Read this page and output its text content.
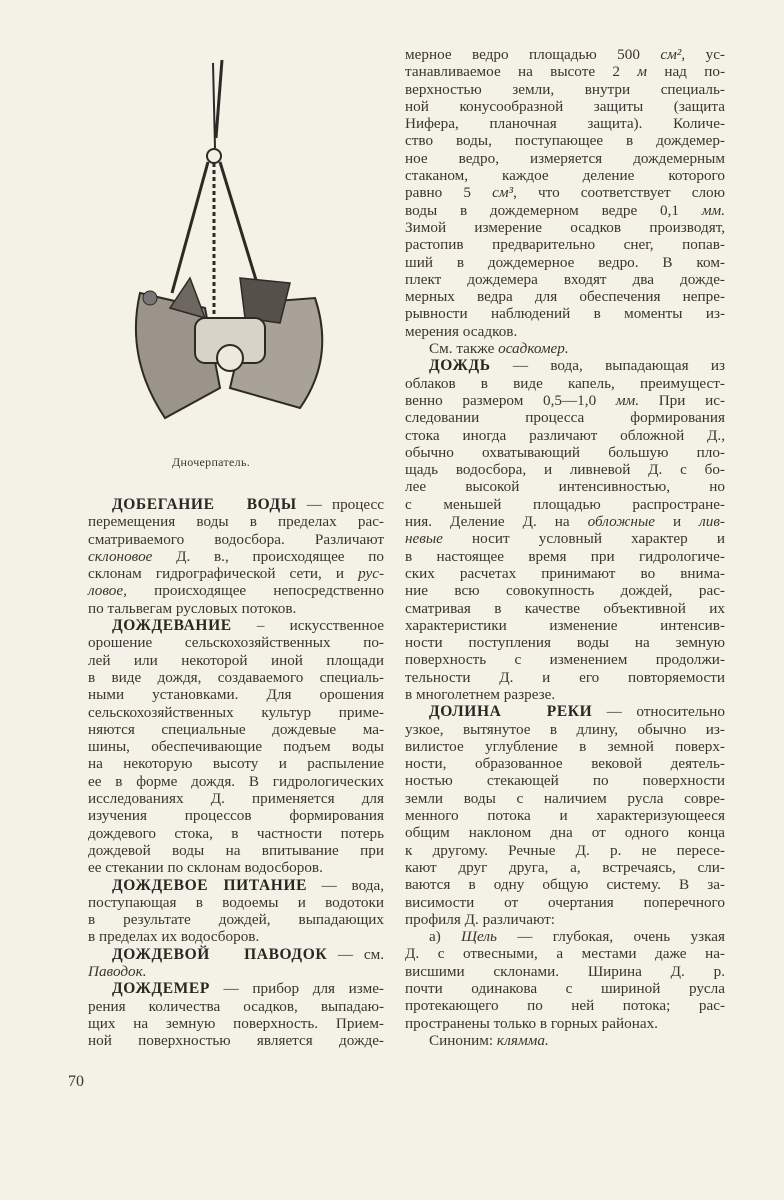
Дночерпатель.
ДОБЕГАНИЕ   ВОДЫ — процесс
перемещения воды в пределах рас-
сматриваемого водосбора. Различают
склоновое Д. в., происходящее по
склонам гидрографической сети, и рус-
ловое, происходящее непосредственно
по тальвегам русловых потоков.
ДОЖДЕВАНИЕ – искусственное
орошение сельскохозяйственных по-
лей или некоторой иной площади
в виде дождя, создаваемого специаль-
ными установками. Для орошения
сельскохозяйственных культур приме-
няются специальные дождевые ма-
шины, обеспечивающие подъем воды
на некоторую высоту и распыление
ее в форме дождя. В гидрологических
исследованиях Д. применяется для
изучения процессов формирования
дождевого стока, в частности потерь
дождевой воды на впитывание при
ее стекании по склонам водосборов.
ДОЖДЕВОЕ ПИТАНИЕ — вода,
поступающая в водоемы и водотоки
в результате дождей, выпадающих
в пределах их водосборов.
ДОЖДЕВОЙ   ПАВОДОК — см.
Паводок.
ДОЖДЕМЕР — прибор для изме-
рения количества осадков, выпадаю-
щих на земную поверхность. Прием-
ной поверхностью является дожде-
мерное ведро площадью 500 см², ус-
танавливаемое на высоте 2 м над по-
верхностью земли, внутри специаль-
ной конусообразной защиты (защита
Нифера, планочная защита). Количе-
ство воды, поступающее в дождемер-
ное ведро, измеряется дождемерным
стаканом, каждое деление которого
равно 5 см³, что соответствует слою
воды в дождемерном ведре 0,1 мм.
Зимой измерение осадков производят,
растопив предварительно снег, попав-
ший в дождемерное ведро. В ком-
плект дождемера входят два дожде-
мерных ведра для обеспечения непре-
рывности наблюдений в моменты из-
мерения осадков.
См. также осадкомер.
ДОЖДЬ — вода, выпадающая из
облаков в виде капель, преимущест-
венно размером 0,5—1,0 мм. При ис-
следовании процесса формирования
стока иногда различают обложной Д.,
обычно охватывающий большую пло-
щадь водосбора, и ливневой Д. с бо-
лее высокой интенсивностью, но
с меньшей площадью распростране-
ния. Деление Д. на обложные и лив-
невые носит условный характер и
в настоящее время при гидрологиче-
ских расчетах принимают во внима-
ние всю совокупность дождей, рас-
сматривая в качестве объективной их
характеристики изменение интенсив-
ности поступления воды на земную
поверхность с изменением продолжи-
тельности Д. и его повторяемости
в многолетнем разрезе.
ДОЛИНА   РЕКИ — относительно
узкое, вытянутое в длину, обычно из-
вилистое углубление в земной поверх-
ности, образованное вековой деятель-
ностью стекающей по поверхности
земли воды с наличием русла совре-
менного потока и характеризующееся
общим наклоном дна от одного конца
к другому. Речные Д. р. не пересе-
кают друг друга, а, встречаясь, сли-
ваются в одну общую систему. В за-
висимости от очертания поперечного
профиля Д. различают:
а) Щель — глубокая, очень узкая
Д. с отвесными, а местами даже на-
висшими склонами. Ширина Д. р.
почти одинакова с шириной русла
протекающего по ней потока; рас-
пространены только в горных районах.
Синоним: клямма.
70
